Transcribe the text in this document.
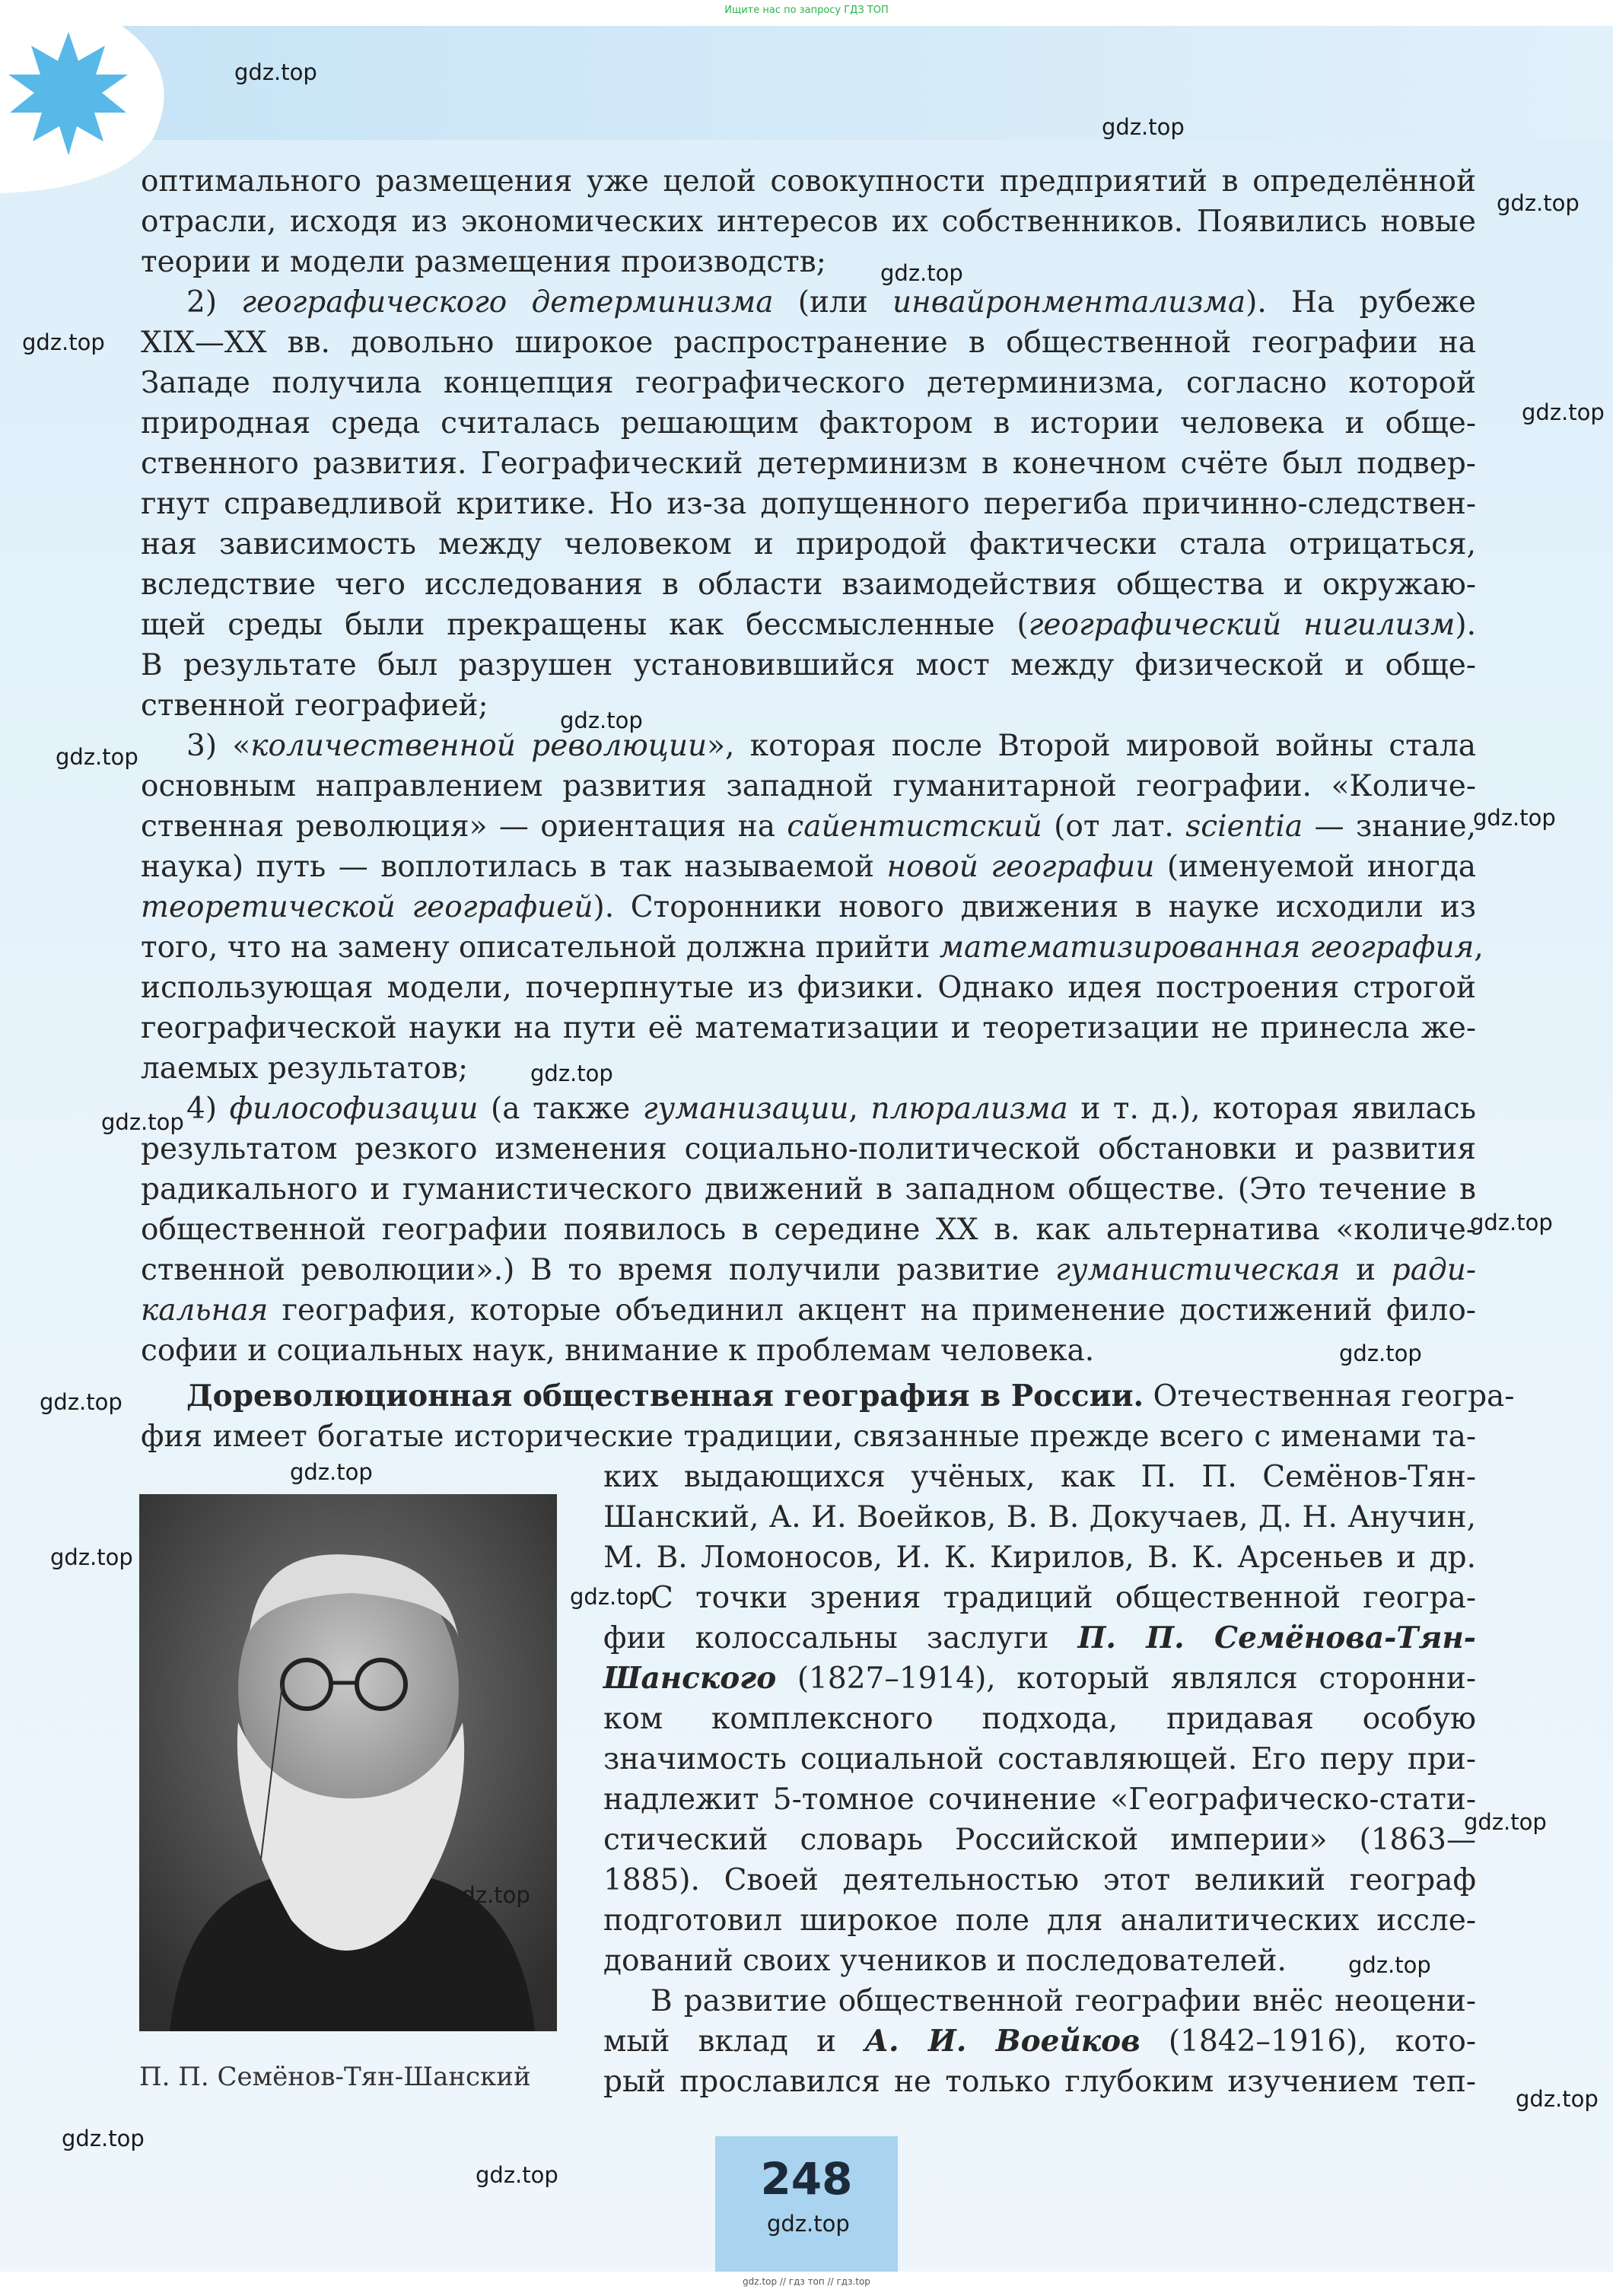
Ищите нас по запросу ГДЗ ТОП
оптимального размещения уже целой совокупности предприятий в определённой
отрасли, исходя из экономических интересов их собственников. Появились новые
теории и модели размещения производств;
2) географического детерминизма (или инвайронментализма). На рубеже
XIX—XX вв. довольно широкое распространение в общественной географии на
Западе получила концепция географического детерминизма, согласно которой
природная среда считалась решающим фактором в истории человека и обще-
ственного развития. Географический детерминизм в конечном счёте был подвер-
гнут справедливой критике. Но из-за допущенного перегиба причинно-следствен-
ная зависимость между человеком и природой фактически стала отрицаться,
вследствие чего исследования в области взаимодействия общества и окружаю-
щей среды были прекращены как бессмысленные (географический нигилизм).
В результате был разрушен установившийся мост между физической и обще-
ственной географией;
3) «количественной революции», которая после Второй мировой войны стала
основным направлением развития западной гуманитарной географии. «Количе-
ственная революция» — ориентация на сайентистский (от лат. scientia — знание,
наука) путь — воплотилась в так называемой новой географии (именуемой иногда
теоретической географией). Сторонники нового движения в науке исходили из
того, что на замену описательной должна прийти математизированная география,
использующая модели, почерпнутые из физики. Однако идея построения строгой
географической науки на пути её математизации и теоретизации не принесла же-
лаемых результатов;
4) философизации (а также гуманизации, плюрализма и т. д.), которая явилась
результатом резкого изменения социально-политической обстановки и развития
радикального и гуманистического движений в западном обществе. (Это течение в
общественной географии появилось в середине XX в. как альтернатива «количе-
ственной революции».) В то время получили развитие гуманистическая и ради-
кальная география, которые объединил акцент на применение достижений фило-
софии и социальных наук, внимание к проблемам человека.
Дореволюционная общественная география в России. Отечественная геогра-
фия имеет богатые исторические традиции, связанные прежде всего с именами та-
ких выдающихся учёных, как П. П. Семёнов-Тян-
Шанский, А. И. Воейков, В. В. Докучаев, Д. Н. Анучин,
М. В. Ломоносов, И. К. Кирилов, В. К. Арсеньев и др.
С точки зрения традиций общественной геогра-
фии колоссальны заслуги П. П. Семёнова-Тян-
Шанского (1827–1914), который являлся сторонни-
ком комплексного подхода, придавая особую
значимость социальной составляющей. Его перу при-
надлежит 5-томное сочинение «Географическо-стати-
стический словарь Российской империи» (1863—
1885). Своей деятельностью этот великий географ
подготовил широкое поле для аналитических иссле-
дований своих учеников и последователей.
В развитие общественной географии внёс неоцени-
мый вклад и А. И. Воейков (1842–1916), кото-
рый прославился не только глубоким изучением теп-
П. П. Семёнов-Тян-Шанский
gdz.top
gdz.top
gdz.top
gdz.top
gdz.top
gdz.top
gdz.top
gdz.top
gdz.top
gdz.top
gdz.top
gdz.top
gdz.top
gdz.top
gdz.top
gdz.top
gdz.top
gdz.top
gdz.top
gdz.top
gdz.top
gdz.top
gdz.top	248
gdz.top
gdz.top // гдз топ // гдз.top
